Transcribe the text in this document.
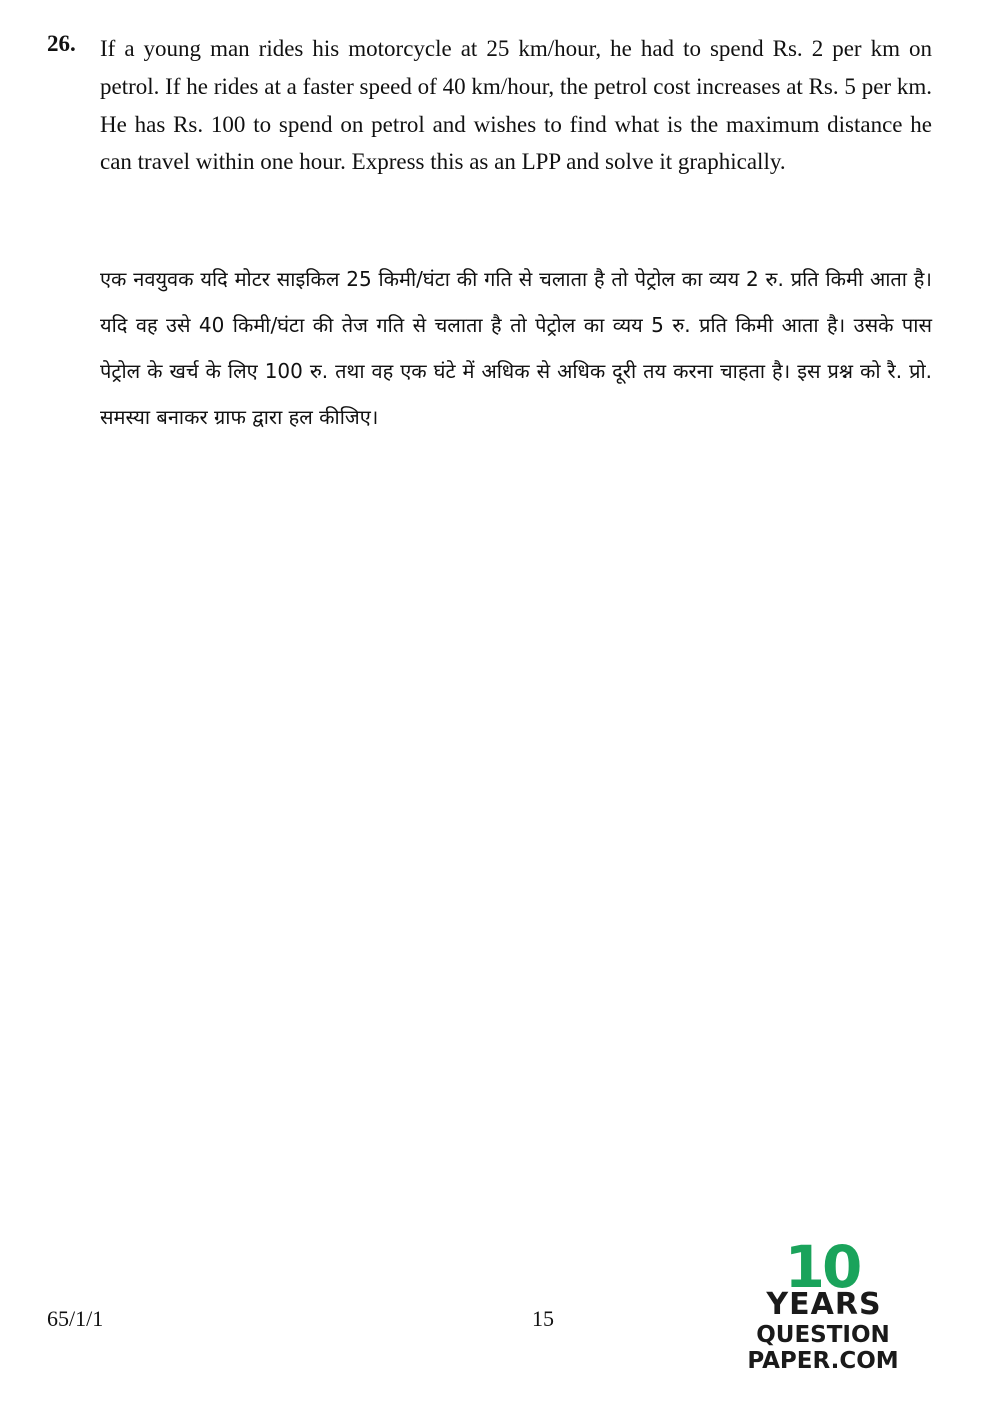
26. If a young man rides his motorcycle at 25 km/hour, he had to spend Rs. 2 per km on petrol. If he rides at a faster speed of 40 km/hour, the petrol cost increases at Rs. 5 per km. He has Rs. 100 to spend on petrol and wishes to find what is the maximum distance he can travel within one hour. Express this as an LPP and solve it graphically.

एक नवयुवक यदि मोटर साइकिल 25 किमी/घंटा की गति से चलाता है तो पेट्रोल का व्यय 2 रु. प्रति किमी आता है। यदि वह उसे 40 किमी/घंटा की तेज गति से चलाता है तो पेट्रोल का व्यय 5 रु. प्रति किमी आता है। उसके पास पेट्रोल के खर्च के लिए 100 रु. तथा वह एक घंटे में अधिक से अधिक दूरी तय करना चाहता है। इस प्रश्न को रै. प्रो. समस्या बनाकर ग्राफ द्वारा हल कीजिए।

65/1/1	15
10
YEARS
QUESTION PAPER.COM
